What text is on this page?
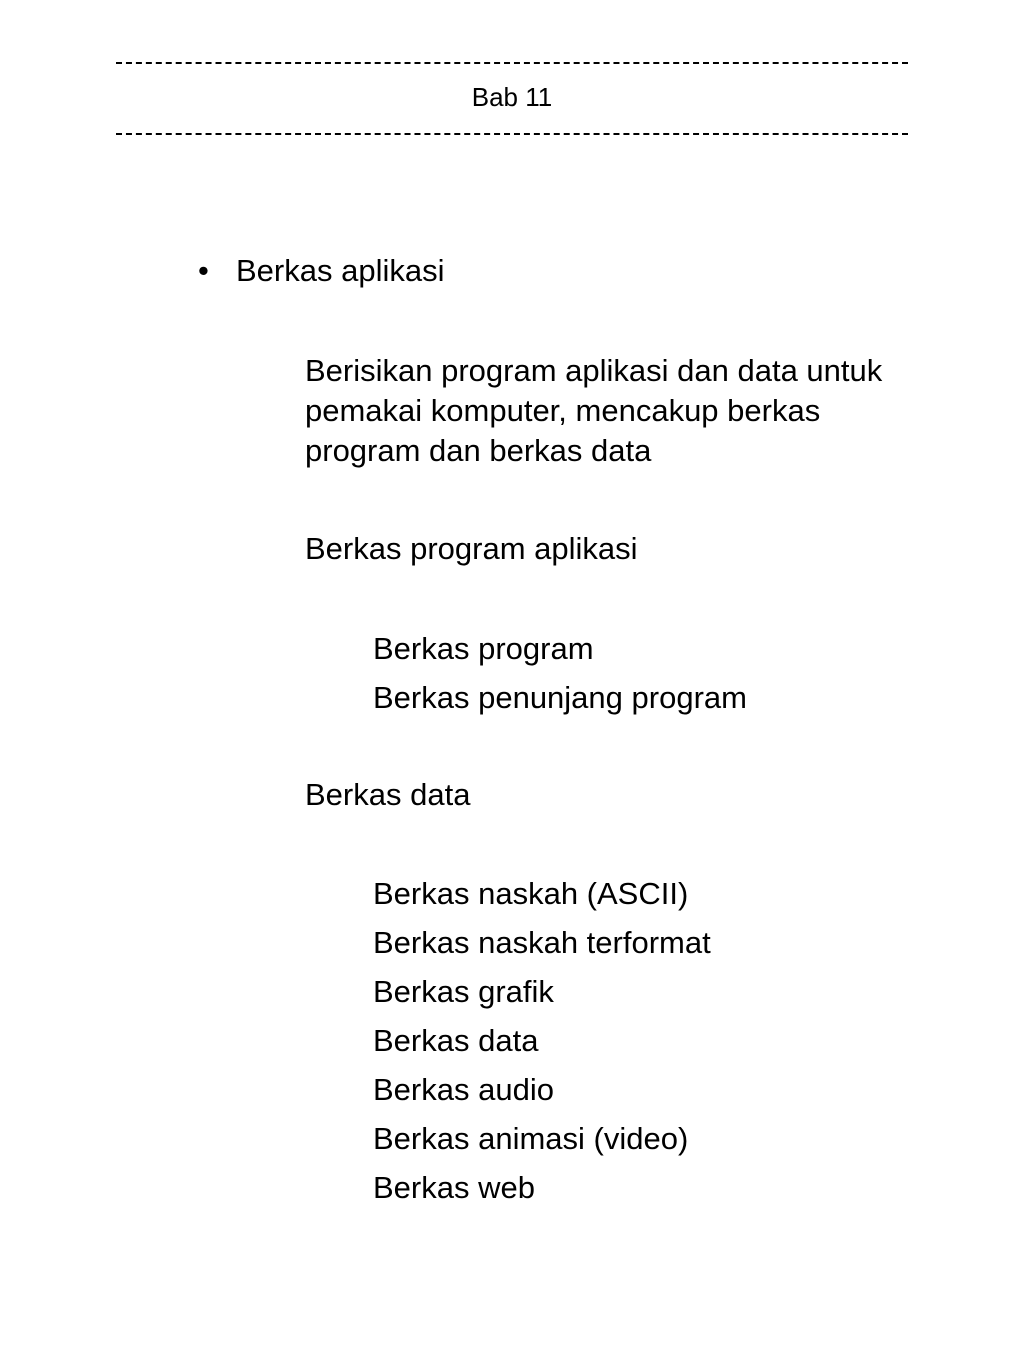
Bab 11
• Berkas aplikasi
Berisikan program aplikasi dan data untuk
pemakai komputer, mencakup berkas
program dan berkas data
Berkas program aplikasi
Berkas program
Berkas penunjang program
Berkas data
Berkas naskah (ASCII)
Berkas naskah terformat
Berkas grafik
Berkas data
Berkas audio
Berkas animasi (video)
Berkas web
